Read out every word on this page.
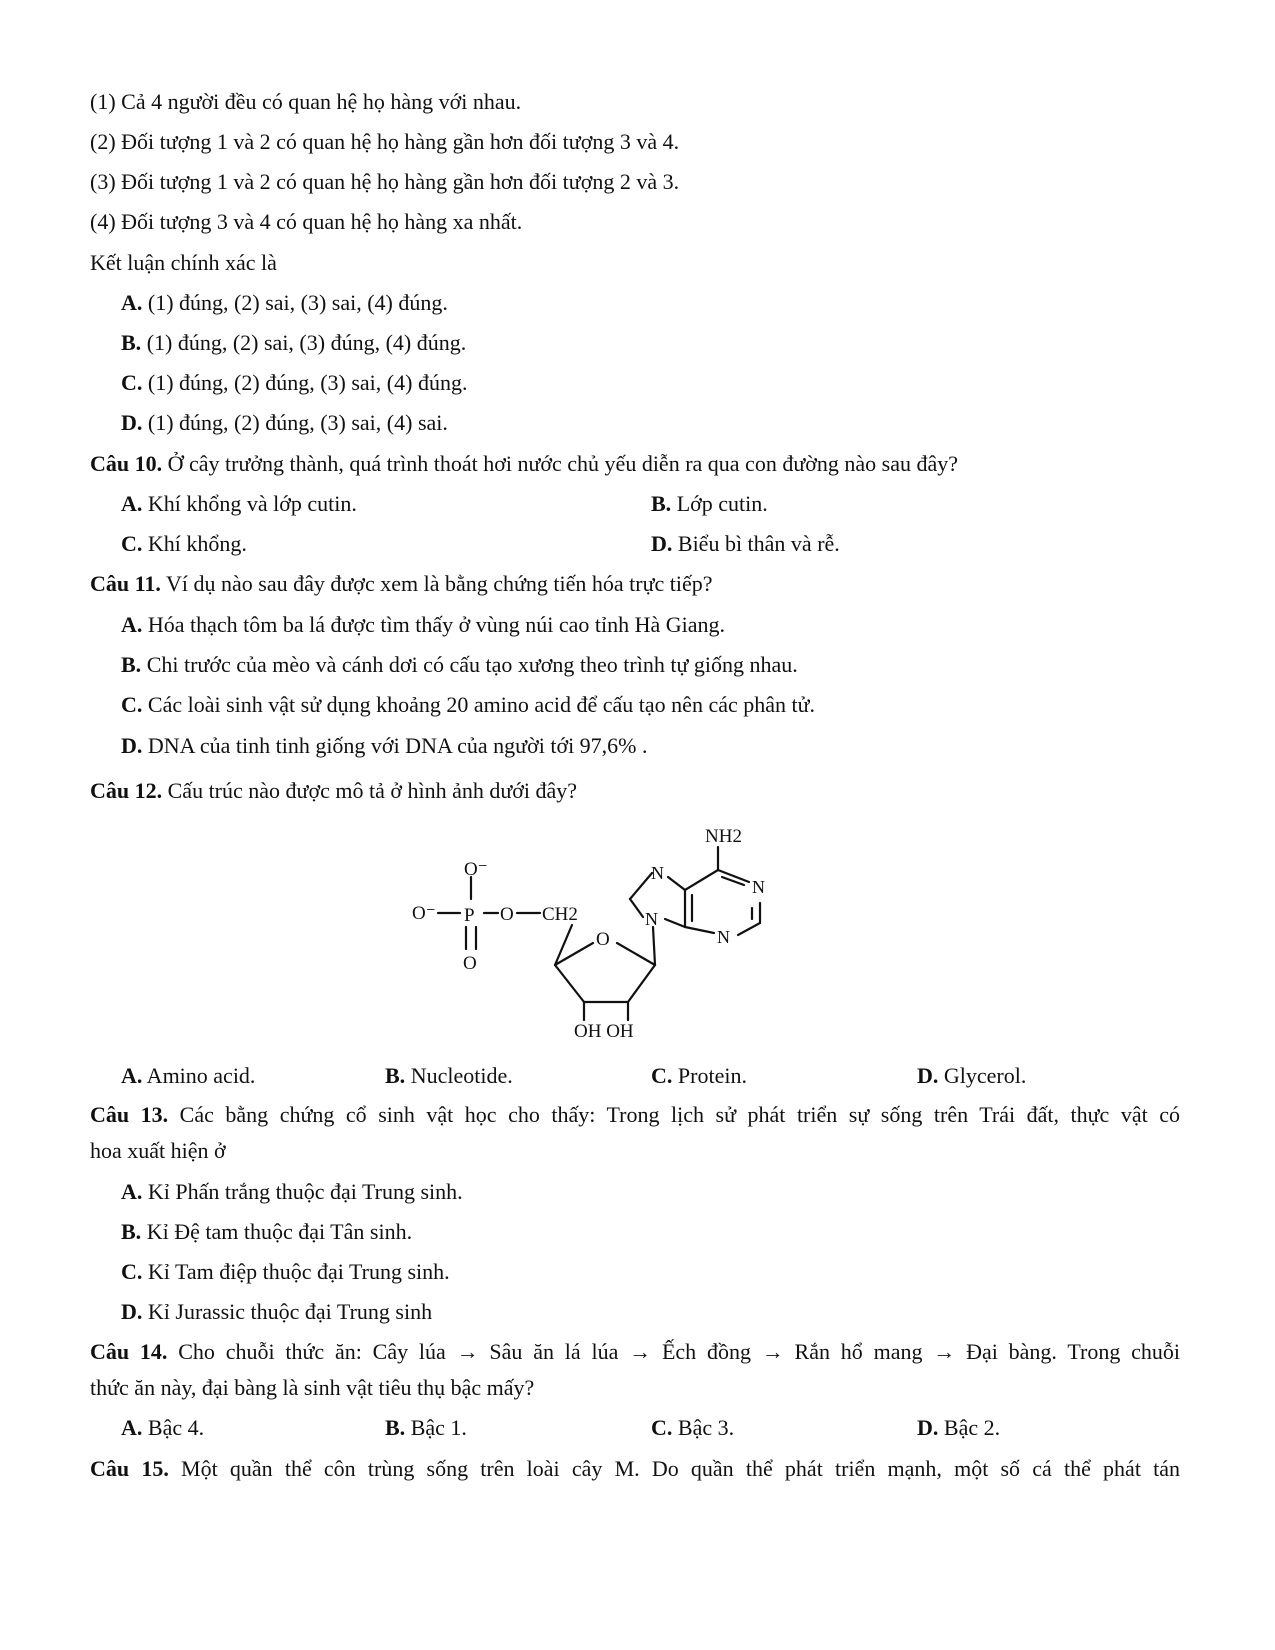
(1) Cả 4 người đều có quan hệ họ hàng với nhau.
(2) Đối tượng 1 và 2 có quan hệ họ hàng gần hơn đối tượng 3 và 4.
(3) Đối tượng 1 và 2 có quan hệ họ hàng gần hơn đối tượng 2 và 3.
(4) Đối tượng 3 và 4 có quan hệ họ hàng xa nhất.
Kết luận chính xác là
A. (1) đúng, (2) sai, (3) sai, (4) đúng.
B. (1) đúng, (2) sai, (3) đúng, (4) đúng.
C. (1) đúng, (2) đúng, (3) sai, (4) đúng.
D. (1) đúng, (2) đúng, (3) sai, (4) sai.
Câu 10. Ở cây trưởng thành, quá trình thoát hơi nước chủ yếu diễn ra qua con đường nào sau đây?
A. Khí khổng và lớp cutin.	B. Lớp cutin.
C. Khí khổng.	D. Biểu bì thân và rễ.
Câu 11. Ví dụ nào sau đây được xem là bằng chứng tiến hóa trực tiếp?
A. Hóa thạch tôm ba lá được tìm thấy ở vùng núi cao tỉnh Hà Giang.
B. Chi trước của mèo và cánh dơi có cấu tạo xương theo trình tự giống nhau.
C. Các loài sinh vật sử dụng khoảng 20 amino acid để cấu tạo nên các phân tử.
D. DNA của tinh tinh giống với DNA của người tới 97,6% .
Câu 12. Cấu trúc nào được mô tả ở hình ảnh dưới đây?
O⁻
O⁻ P
O
O CH2
O
N
N
N
N
NH2
OH OH
A. Amino acid.	B. Nucleotide.	C. Protein.	D. Glycerol.
Câu 13. Các bằng chứng cổ sinh vật học cho thấy: Trong lịch sử phát triển sự sống trên Trái đất, thực vật có
hoa xuất hiện ở
A. Kỉ Phấn trắng thuộc đại Trung sinh.
B. Kỉ Đệ tam thuộc đại Tân sinh.
C. Kỉ Tam điệp thuộc đại Trung sinh.
D. Kỉ Jurassic thuộc đại Trung sinh
Câu 14. Cho chuỗi thức ăn: Cây lúa → Sâu ăn lá lúa → Ếch đồng → Rắn hổ mang → Đại bàng. Trong chuỗi
thức ăn này, đại bàng là sinh vật tiêu thụ bậc mấy?
A. Bậc 4.	B. Bậc 1.	C. Bậc 3.	D. Bậc 2.
Câu 15. Một quần thể côn trùng sống trên loài cây M. Do quần thể phát triển mạnh, một số cá thể phát tán
